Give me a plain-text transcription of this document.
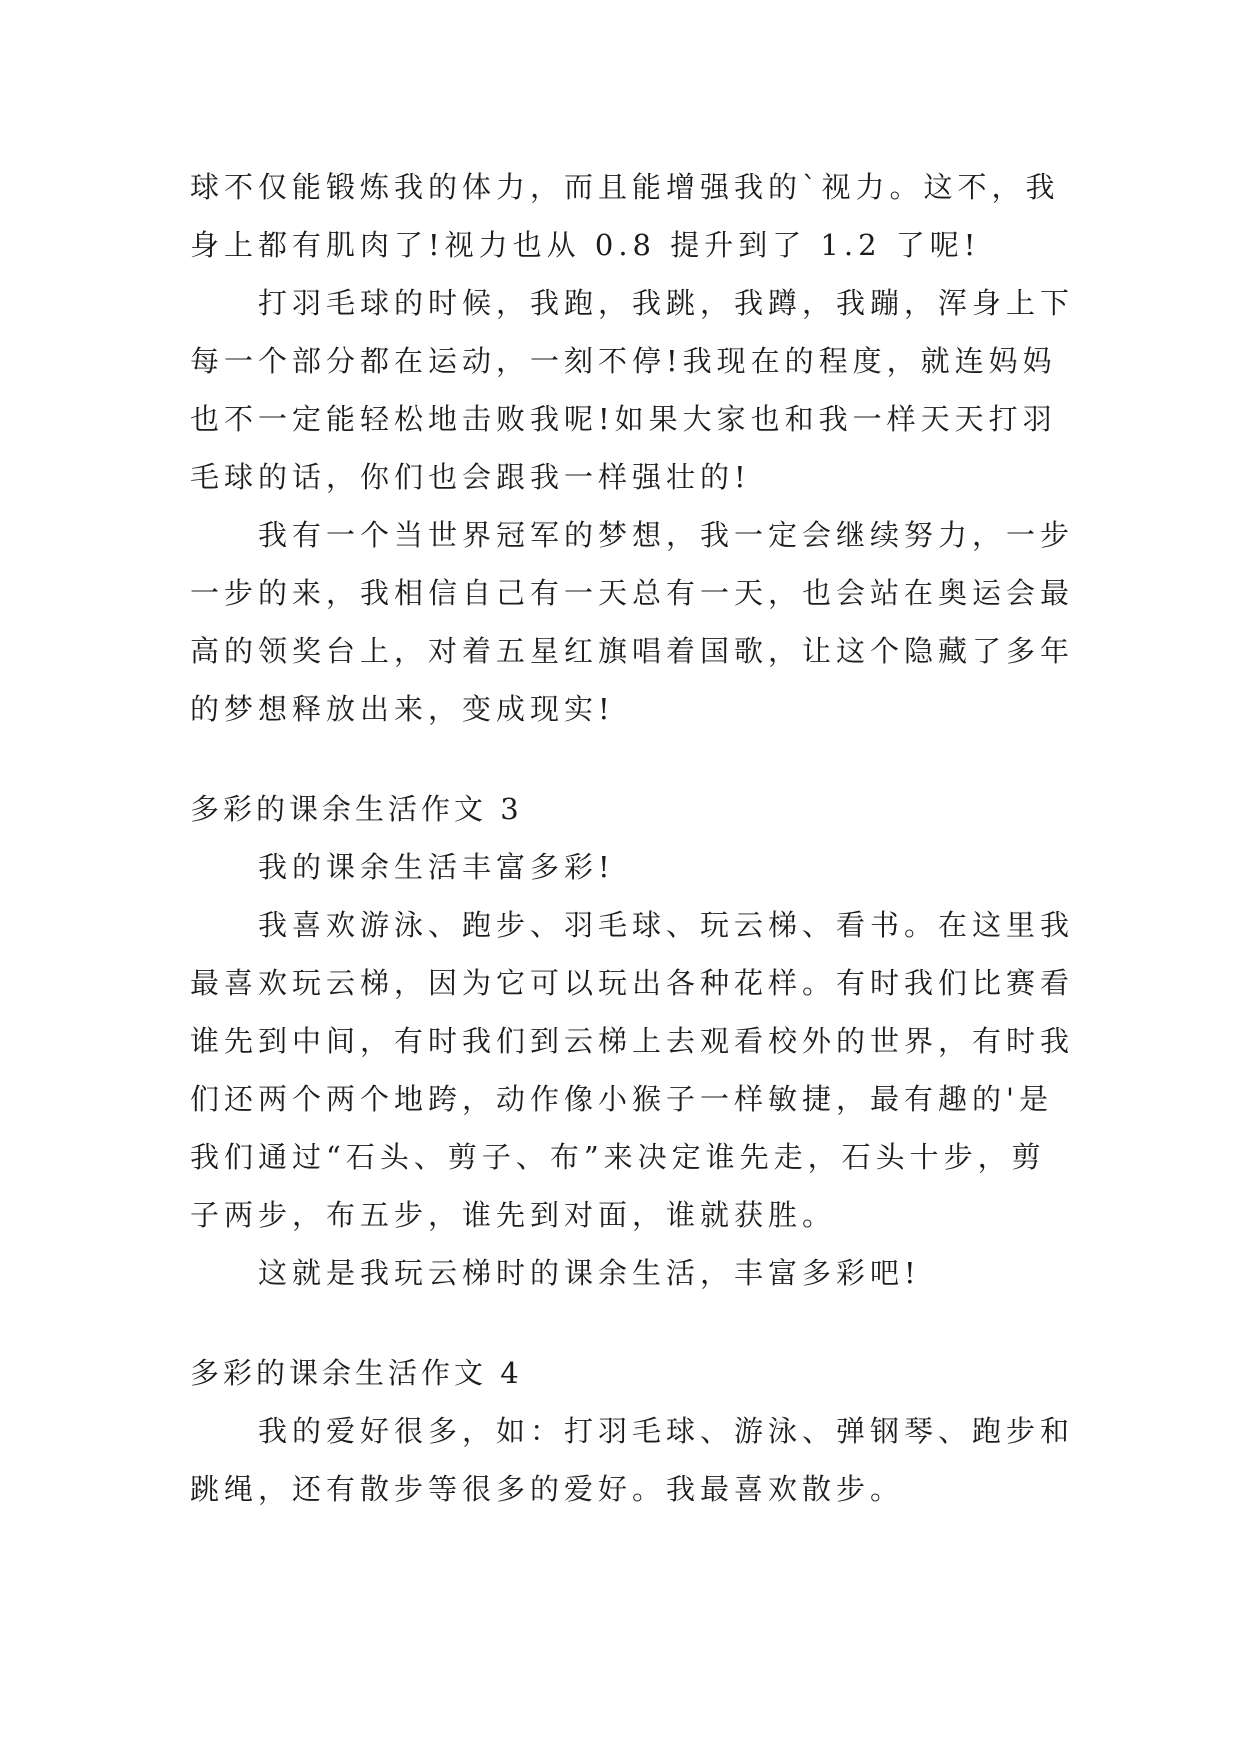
球不仅能锻炼我的体力，而且能增强我的`视力。这不，我
身上都有肌肉了!视力也从 0.8 提升到了 1.2 了呢!
打羽毛球的时候，我跑，我跳，我蹲，我蹦，浑身上下
每一个部分都在运动，一刻不停!我现在的程度，就连妈妈
也不一定能轻松地击败我呢!如果大家也和我一样天天打羽
毛球的话，你们也会跟我一样强壮的!
我有一个当世界冠军的梦想，我一定会继续努力，一步
一步的来，我相信自己有一天总有一天，也会站在奥运会最
高的领奖台上，对着五星红旗唱着国歌，让这个隐藏了多年
的梦想释放出来，变成现实!
多彩的课余生活作文 3
我的课余生活丰富多彩!
我喜欢游泳、跑步、羽毛球、玩云梯、看书。在这里我
最喜欢玩云梯，因为它可以玩出各种花样。有时我们比赛看
谁先到中间，有时我们到云梯上去观看校外的世界，有时我
们还两个两个地跨，动作像小猴子一样敏捷，最有趣的'是
我们通过“石头、剪子、布”来决定谁先走，石头十步，剪
子两步，布五步，谁先到对面，谁就获胜。
这就是我玩云梯时的课余生活，丰富多彩吧!
多彩的课余生活作文 4
我的爱好很多，如：打羽毛球、游泳、弹钢琴、跑步和
跳绳，还有散步等很多的爱好。我最喜欢散步。
